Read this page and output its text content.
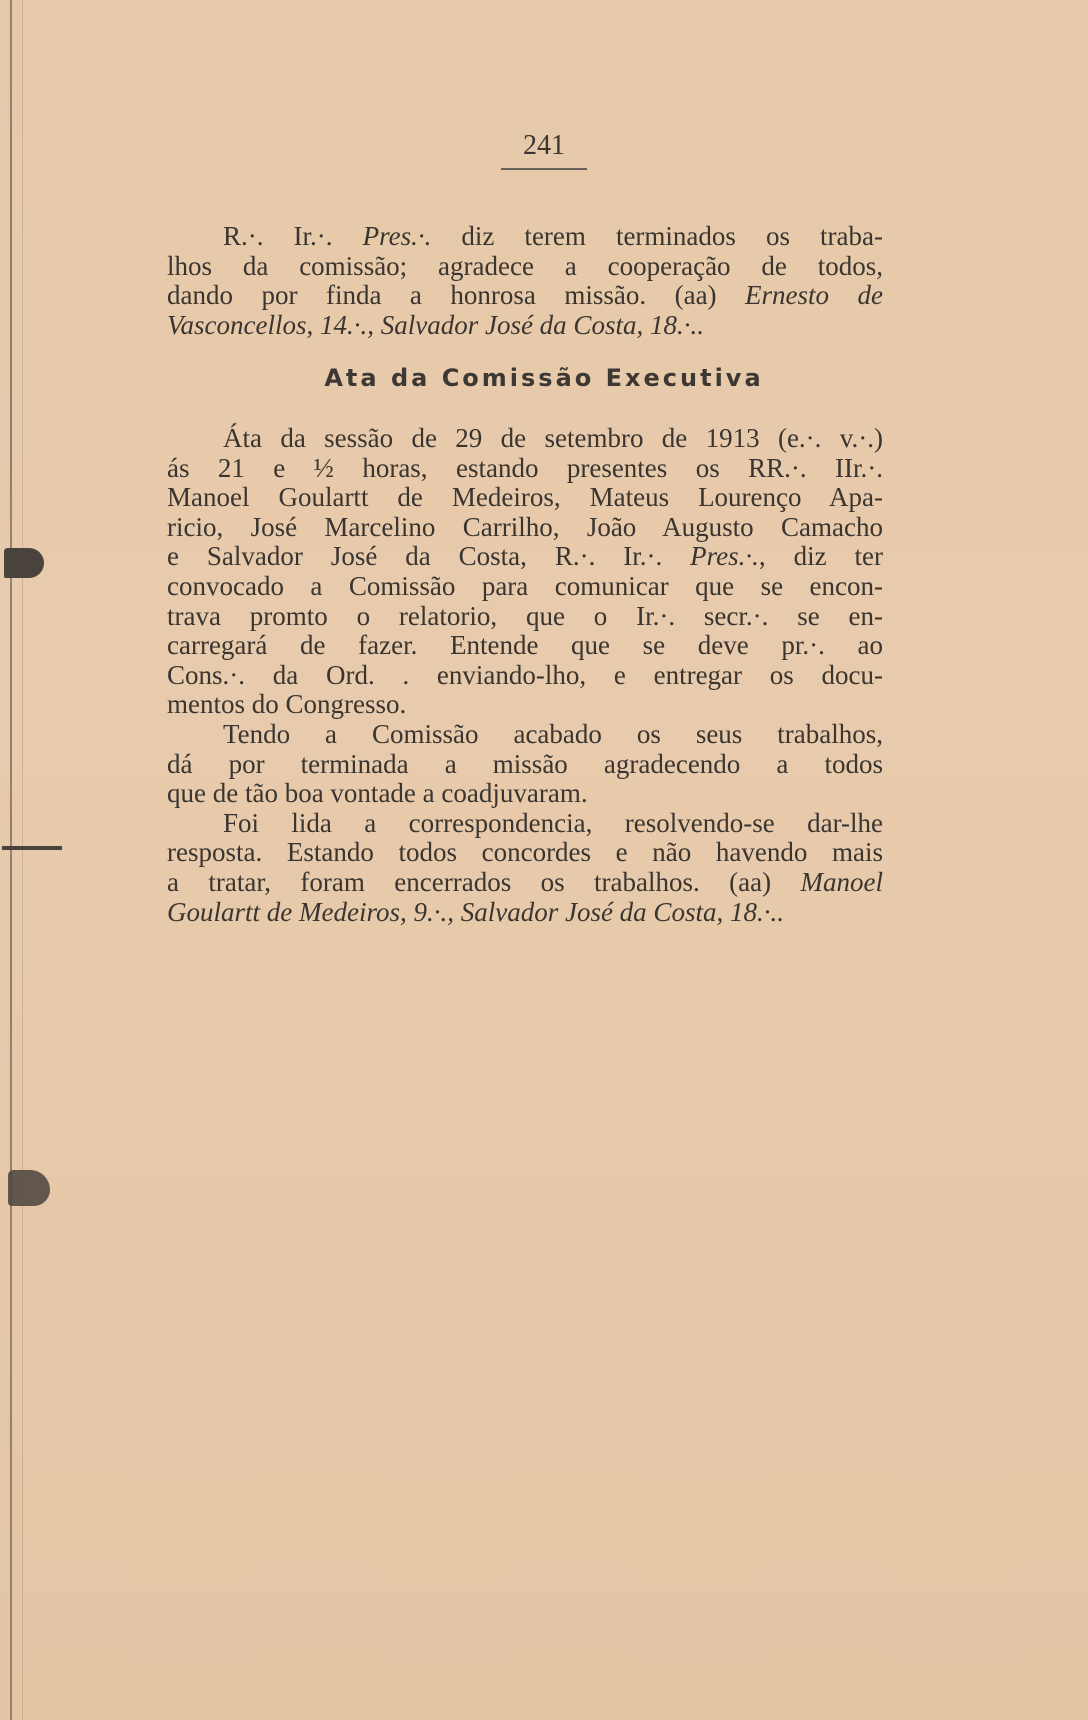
241
R.·. Ir.·. Pres.·. diz terem terminados os traba-
lhos da comissão; agradece a cooperação de todos,
dando por finda a honrosa missão. (aa) Ernesto de
Vasconcellos, 14.·., Salvador José da Costa, 18.·..
Ata da Comissão Executiva
Áta da sessão de 29 de setembro de 1913 (e.·. v.·.)
ás 21 e ½ horas, estando presentes os RR.·. IIr.·.
Manoel Goulartt de Medeiros, Mateus Lourenço Apa-
ricio, José Marcelino Carrilho, João Augusto Camacho
e Salvador José da Costa, R.·. Ir.·. Pres.·., diz ter
convocado a Comissão para comunicar que se encon-
trava promto o relatorio, que o Ir.·. secr.·. se en-
carregará de fazer. Entende que se deve pr.·. ao
Cons.·. da Ord. . enviando-lho, e entregar os docu-
mentos do Congresso.
Tendo a Comissão acabado os seus trabalhos,
dá por terminada a missão agradecendo a todos
que de tão boa vontade a coadjuvaram.
Foi lida a correspondencia, resolvendo-se dar-lhe
resposta. Estando todos concordes e não havendo mais
a tratar, foram encerrados os trabalhos. (aa) Manoel
Goulartt de Medeiros, 9.·., Salvador José da Costa, 18.·..
